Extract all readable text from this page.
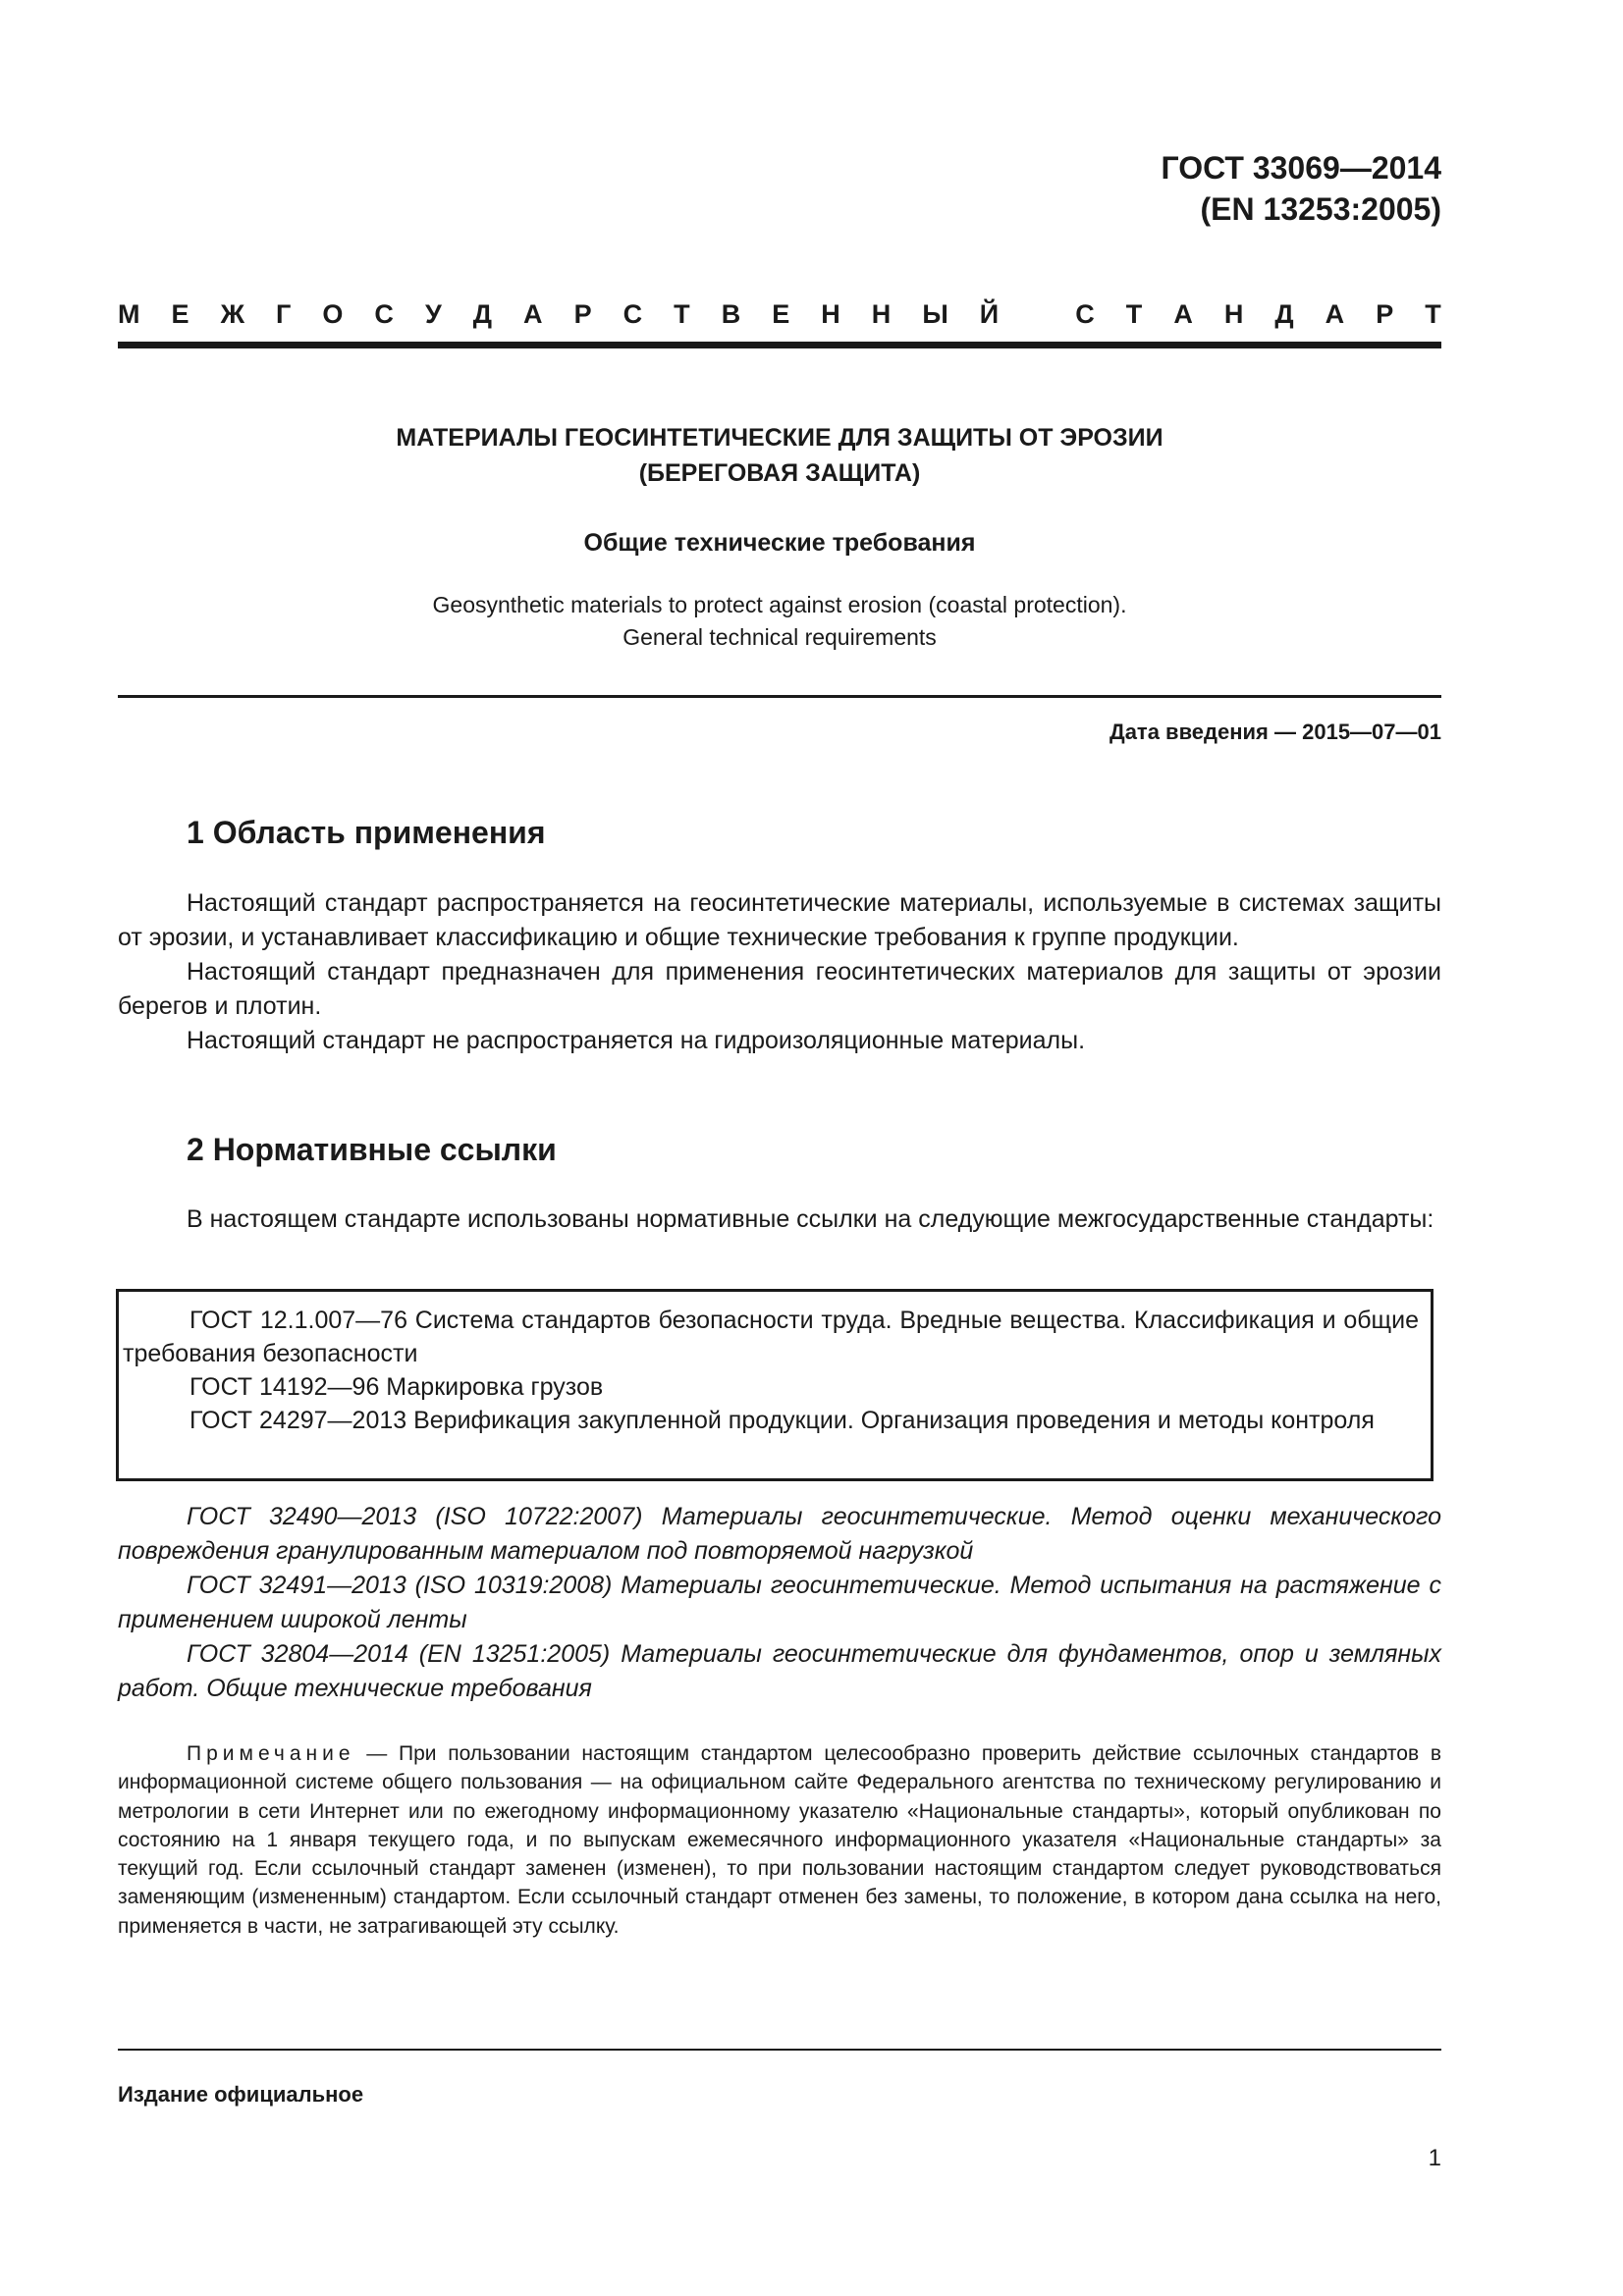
ГОСТ 33069—2014
(EN 13253:2005)
М Е Ж Г О С У Д А Р С Т В Е Н Н Ы Й	С Т А Н Д А Р Т
МАТЕРИАЛЫ ГЕОСИНТЕТИЧЕСКИЕ ДЛЯ ЗАЩИТЫ ОТ ЭРОЗИИ
(БЕРЕГОВАЯ ЗАЩИТА)
Общие технические требования
Geosynthetic materials to protect against erosion (coastal protection).
General technical requirements
Дата введения — 2015—07—01
1 Область применения

Настоящий стандарт распространяется на геосинтетические материалы, используемые в системах защиты от эрозии, и устанавливает классификацию и общие технические требования к группе продукции.

Настоящий стандарт предназначен для применения геосинтетических материалов для защиты от эрозии берегов и плотин.

Настоящий стандарт не распространяется на гидроизоляционные материалы.

2 Нормативные ссылки

В настоящем стандарте использованы нормативные ссылки на следующие межгосударственные стандарты:

ГОСТ 12.1.007—76 Система стандартов безопасности труда. Вредные вещества. Классификация и общие требования безопасности

ГОСТ 14192—96 Маркировка грузов

ГОСТ 24297—2013 Верификация закупленной продукции. Организация проведения и методы контроля

ГОСТ 32490—2013 (ISO 10722:2007) Материалы геосинтетические. Метод оценки механического повреждения гранулированным материалом под повторяемой нагрузкой

ГОСТ 32491—2013 (ISO 10319:2008) Материалы геосинтетические. Метод испытания на растяжение с применением широкой ленты

ГОСТ 32804—2014 (EN 13251:2005) Материалы геосинтетические для фундаментов, опор и земляных работ. Общие технические требования

Примечание — При пользовании настоящим стандартом целесообразно проверить действие ссылочных стандартов в информационной системе общего пользования — на официальном сайте Федерального агентства по техническому регулированию и метрологии в сети Интернет или по ежегодному информационному указателю «Национальные стандарты», который опубликован по состоянию на 1 января текущего года, и по выпускам ежемесячного информационного указателя «Национальные стандарты» за текущий год. Если ссылочный стандарт заменен (изменен), то при пользовании настоящим стандартом следует руководствоваться заменяющим (измененным) стандартом. Если ссылочный стандарт отменен без замены, то положение, в котором дана ссылка на него, применяется в части, не затрагивающей эту ссылку.

Издание официальное
1
